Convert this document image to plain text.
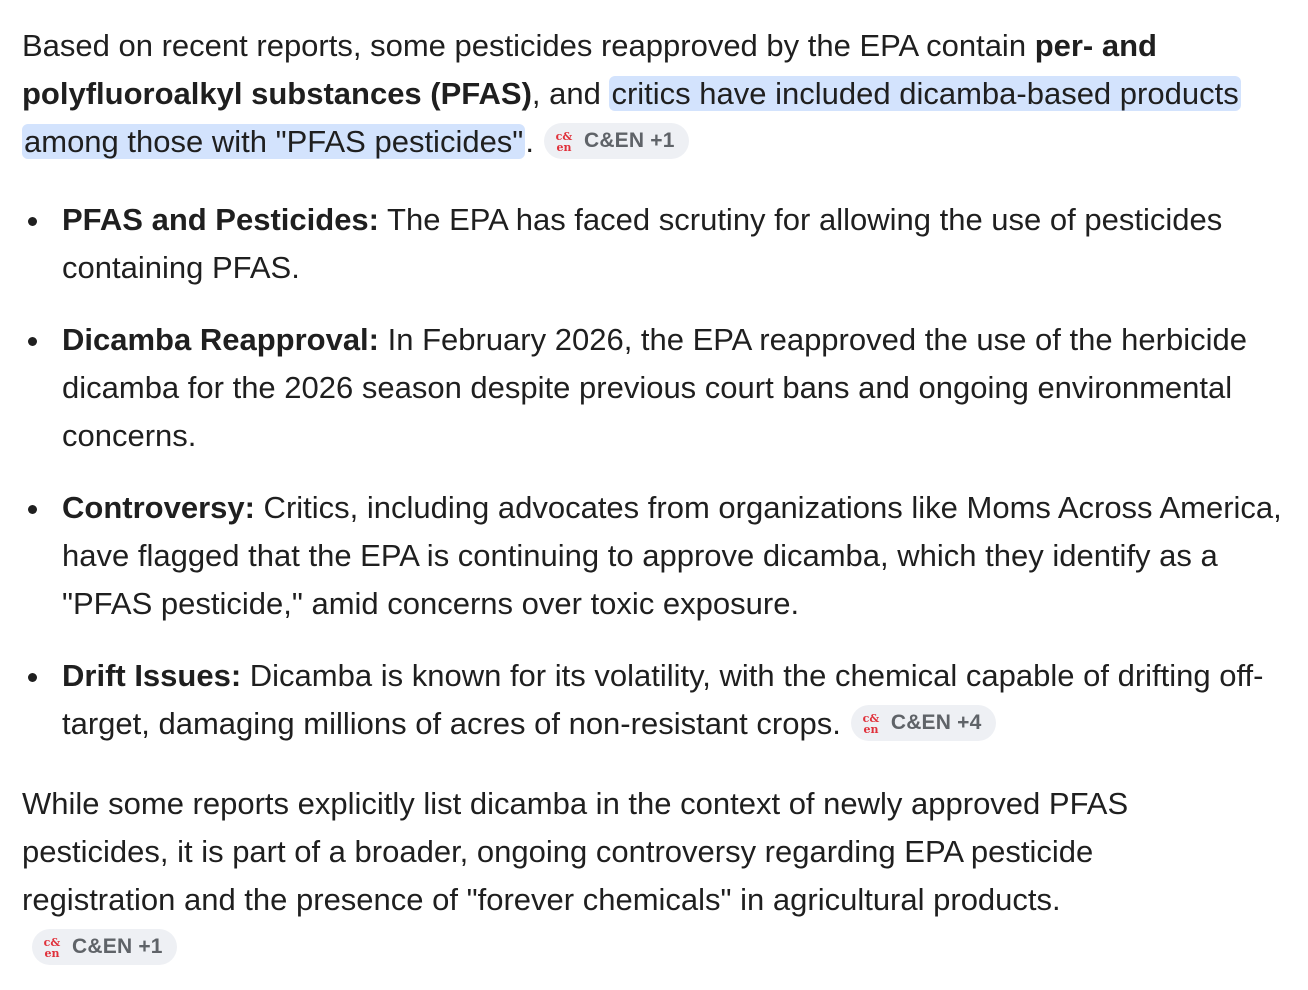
Based on recent reports, some pesticides reapproved by the EPA contain per- and polyfluoroalkyl substances (PFAS), and critics have included dicamba-based products among those with "PFAS pesticides". c&
en C&EN +1

PFAS and Pesticides: The EPA has faced scrutiny for allowing the use of pesticides containing PFAS.
Dicamba Reapproval: In February 2026, the EPA reapproved the use of the herbicide dicamba for the 2026 season despite previous court bans and ongoing environmental concerns.
Controversy: Critics, including advocates from organizations like Moms Across America, have flagged that the EPA is continuing to approve dicamba, which they identify as a "PFAS pesticide," amid concerns over toxic exposure.
Drift Issues: Dicamba is known for its volatility, with the chemical capable of drifting off-target, damaging millions of acres of non-resistant crops. c&
en C&EN +4

While some reports explicitly list dicamba in the context of newly approved PFAS pesticides, it is part of a broader, ongoing controversy regarding EPA pesticide registration and the presence of "forever chemicals" in agricultural products.
c&
en C&EN +1
